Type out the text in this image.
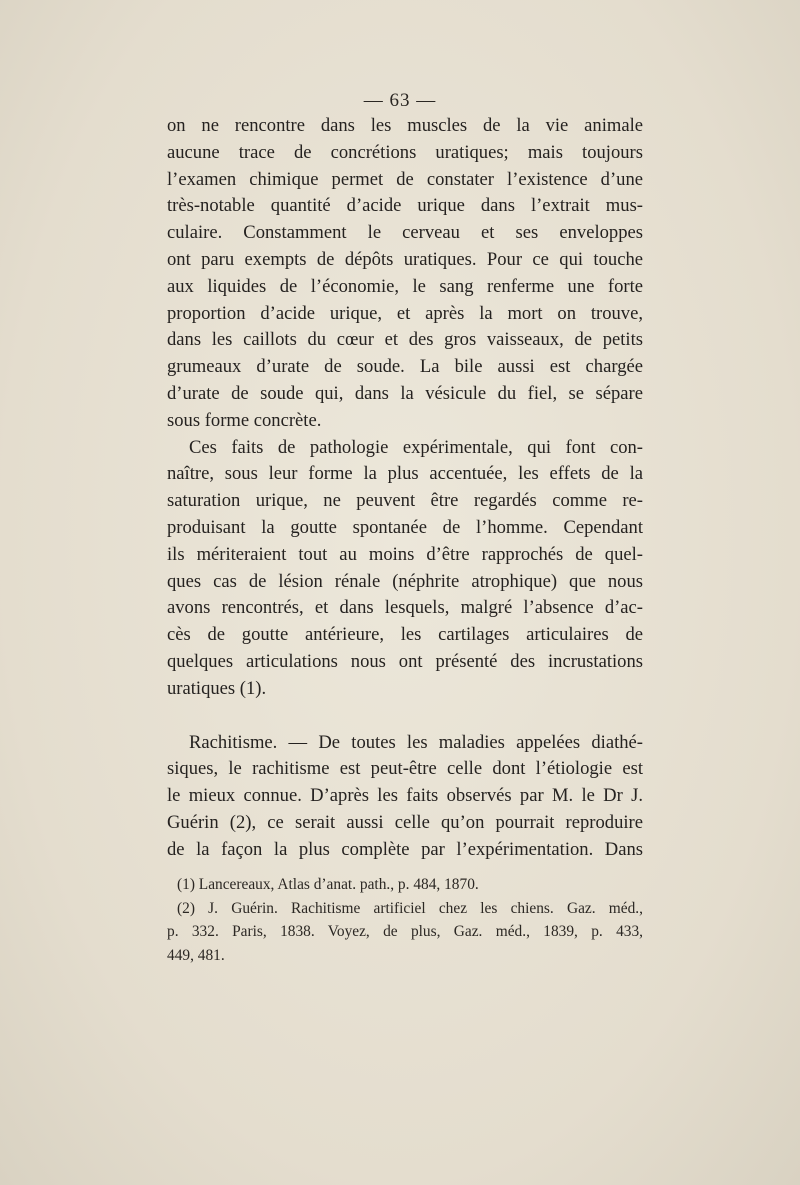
— 63 —
on ne rencontre dans les muscles de la vie animale
aucune trace de concrétions uratiques; mais toujours
l’examen chimique permet de constater l’existence d’une
très-notable quantité d’acide urique dans l’extrait mus-
culaire. Constamment le cerveau et ses enveloppes
ont paru exempts de dépôts uratiques. Pour ce qui touche
aux liquides de l’économie, le sang renferme une forte
proportion d’acide urique, et après la mort on trouve,
dans les caillots du cœur et des gros vaisseaux, de petits
grumeaux d’urate de soude. La bile aussi est chargée
d’urate de soude qui, dans la vésicule du fiel, se sépare
sous forme concrète.
Ces faits de pathologie expérimentale, qui font con-
naître, sous leur forme la plus accentuée, les effets de la
saturation urique, ne peuvent être regardés comme re-
produisant la goutte spontanée de l’homme. Cependant
ils mériteraient tout au moins d’être rapprochés de quel-
ques cas de lésion rénale (néphrite atrophique) que nous
avons rencontrés, et dans lesquels, malgré l’absence d’ac-
cès de goutte antérieure, les cartilages articulaires de
quelques articulations nous ont présenté des incrustations
uratiques (1).
Rachitisme. — De toutes les maladies appelées diathé-
siques, le rachitisme est peut-être celle dont l’étiologie est
le mieux connue. D’après les faits observés par M. le Dr J.
Guérin (2), ce serait aussi celle qu’on pourrait reproduire
de la façon la plus complète par l’expérimentation. Dans
(1) Lancereaux, Atlas d’anat. path., p. 484, 1870.
(2) J. Guérin. Rachitisme artificiel chez les chiens. Gaz. méd.,
p. 332. Paris, 1838. Voyez, de plus, Gaz. méd., 1839, p. 433,
449, 481.
